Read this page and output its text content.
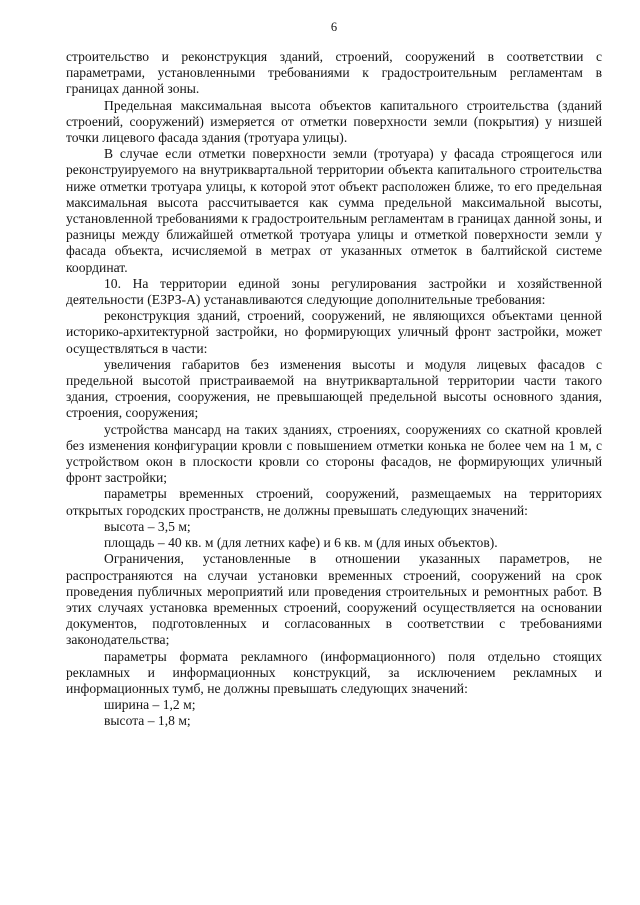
6

строительство и реконструкция зданий, строений, сооружений в соответствии с параметрами, установленными требованиями к градостроительным регламентам в границах данной зоны.

Предельная максимальная высота объектов капитального строительства (зданий строений, сооружений) измеряется от отметки поверхности земли (покрытия) у низшей точки лицевого фасада здания (тротуара улицы).

В случае если отметки поверхности земли (тротуара) у фасада строящегося или реконструируемого на внутриквартальной территории объекта капитального строительства ниже отметки тротуара улицы, к которой этот объект расположен ближе, то его предельная максимальная высота рассчитывается как сумма предельной максимальной высоты, установленной требованиями к градостроительным регламентам в границах данной зоны, и разницы между ближайшей отметкой тротуара улицы и отметкой поверхности земли у фасада объекта, исчисляемой в метрах от указанных отметок в балтийской системе координат.

10. На территории единой зоны регулирования застройки и хозяйственной деятельности (ЕЗРЗ-А) устанавливаются следующие дополнительные требования:

реконструкция зданий, строений, сооружений, не являющихся объектами ценной историко-архитектурной застройки, но формирующих уличный фронт застройки, может осуществляться в части:

увеличения габаритов без изменения высоты и модуля лицевых фасадов с предельной высотой пристраиваемой на внутриквартальной территории части такого здания, строения, сооружения, не превышающей предельной высоты основного здания, строения, сооружения;

устройства мансард на таких зданиях, строениях, сооружениях со скатной кровлей без изменения конфигурации кровли с повышением отметки конька не более чем на 1 м, с устройством окон в плоскости кровли со стороны фасадов, не формирующих уличный фронт застройки;

параметры временных строений, сооружений, размещаемых на территориях открытых городских пространств, не должны превышать следующих значений:

высота – 3,5 м;

площадь – 40 кв. м (для летних кафе) и 6 кв. м (для иных объектов).

Ограничения, установленные в отношении указанных параметров, не распространяются на случаи установки временных строений, сооружений на срок проведения публичных мероприятий или проведения строительных и ремонтных работ. В этих случаях установка временных строений, сооружений осуществляется на основании документов, подготовленных и согласованных в соответствии с требованиями законодательства;

параметры формата рекламного (информационного) поля отдельно стоящих рекламных и информационных конструкций, за исключением рекламных и информационных тумб, не должны превышать следующих значений:

ширина – 1,2 м;

высота – 1,8 м;
